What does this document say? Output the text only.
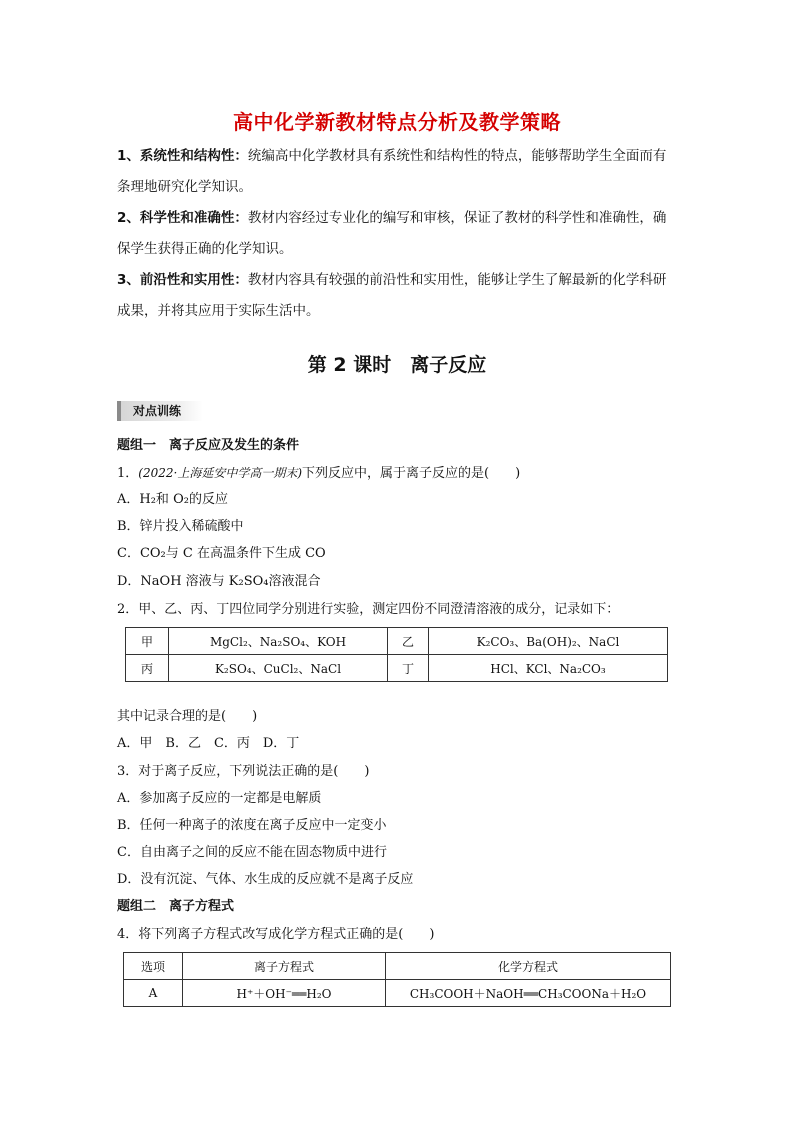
高中化学新教材特点分析及教学策略

1、系统性和结构性：统编高中化学教材具有系统性和结构性的特点，能够帮助学生全面而有条理地研究化学知识。

2、科学性和准确性：教材内容经过专业化的编写和审核，保证了教材的科学性和准确性，确保学生获得正确的化学知识。

3、前沿性和实用性：教材内容具有较强的前沿性和实用性，能够让学生了解最新的化学科研成果，并将其应用于实际生活中。

第 2 课时　离子反应
对点训练
题组一　离子反应及发生的条件
1．(2022·上海延安中学高一期末)下列反应中，属于离子反应的是(　　)
A．H₂和 O₂的反应
B．锌片投入稀硫酸中
C．CO₂与 C 在高温条件下生成 CO
D．NaOH 溶液与 K₂SO₄溶液混合
2．甲、乙、丙、丁四位同学分别进行实验，测定四份不同澄清溶液的成分，记录如下：
甲	MgCl₂、Na₂SO₄、KOH	乙	K₂CO₃、Ba(OH)₂、NaCl
丙	K₂SO₄、CuCl₂、NaCl	丁	HCl、KCl、Na₂CO₃
其中记录合理的是(　　)
A．甲　B．乙　C．丙　D．丁
3．对于离子反应，下列说法正确的是(　　)
A．参加离子反应的一定都是电解质
B．任何一种离子的浓度在离子反应中一定变小
C．自由离子之间的反应不能在固态物质中进行
D．没有沉淀、气体、水生成的反应就不是离子反应
题组二　离子方程式
4．将下列离子方程式改写成化学方程式正确的是(　　)
选项	离子方程式	化学方程式
A	H⁺＋OH⁻══H₂O	CH₃COOH＋NaOH══CH₃COONa＋H₂O
